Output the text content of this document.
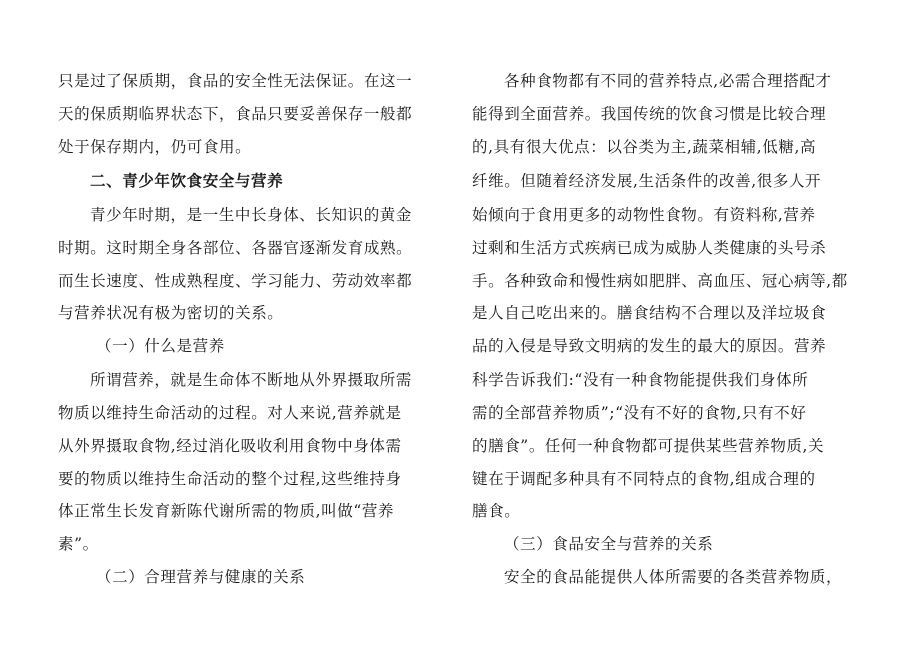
只是过了保质期，食品的安全性无法保证。在这一
天的保质期临界状态下，食品只要妥善保存一般都
处于保存期内，仍可食用。
二、青少年饮食安全与营养
青少年时期，是一生中长身体、长知识的黄金
时期。这时期全身各部位、各器官逐渐发育成熟。
而生长速度、性成熟程度、学习能力、劳动效率都
与营养状况有极为密切的关系。
（一）什么是营养
所谓营养，就是生命体不断地从外界摄取所需
物质以维持生命活动的过程。对人来说,营养就是
从外界摄取食物,经过消化吸收利用食物中身体需
要的物质以维持生命活动的整个过程,这些维持身
体正常生长发育新陈代谢所需的物质,叫做“营养
素”。
（二）合理营养与健康的关系
各种食物都有不同的营养特点,必需合理搭配才
能得到全面营养。我国传统的饮食习惯是比较合理
的,具有很大优点：以谷类为主,蔬菜相辅,低糖,高
纤维。但随着经济发展,生活条件的改善,很多人开
始倾向于食用更多的动物性食物。有资料称,营养
过剩和生活方式疾病已成为威胁人类健康的头号杀
手。各种致命和慢性病如肥胖、高血压、冠心病等,都
是人自己吃出来的。膳食结构不合理以及洋垃圾食
品的入侵是导致文明病的发生的最大的原因。营养
科学告诉我们:“没有一种食物能提供我们身体所
需的全部营养物质”;“没有不好的食物,只有不好
的膳食”。任何一种食物都可提供某些营养物质,关
键在于调配多种具有不同特点的食物,组成合理的
膳食。
（三）食品安全与营养的关系
安全的食品能提供人体所需要的各类营养物质，
